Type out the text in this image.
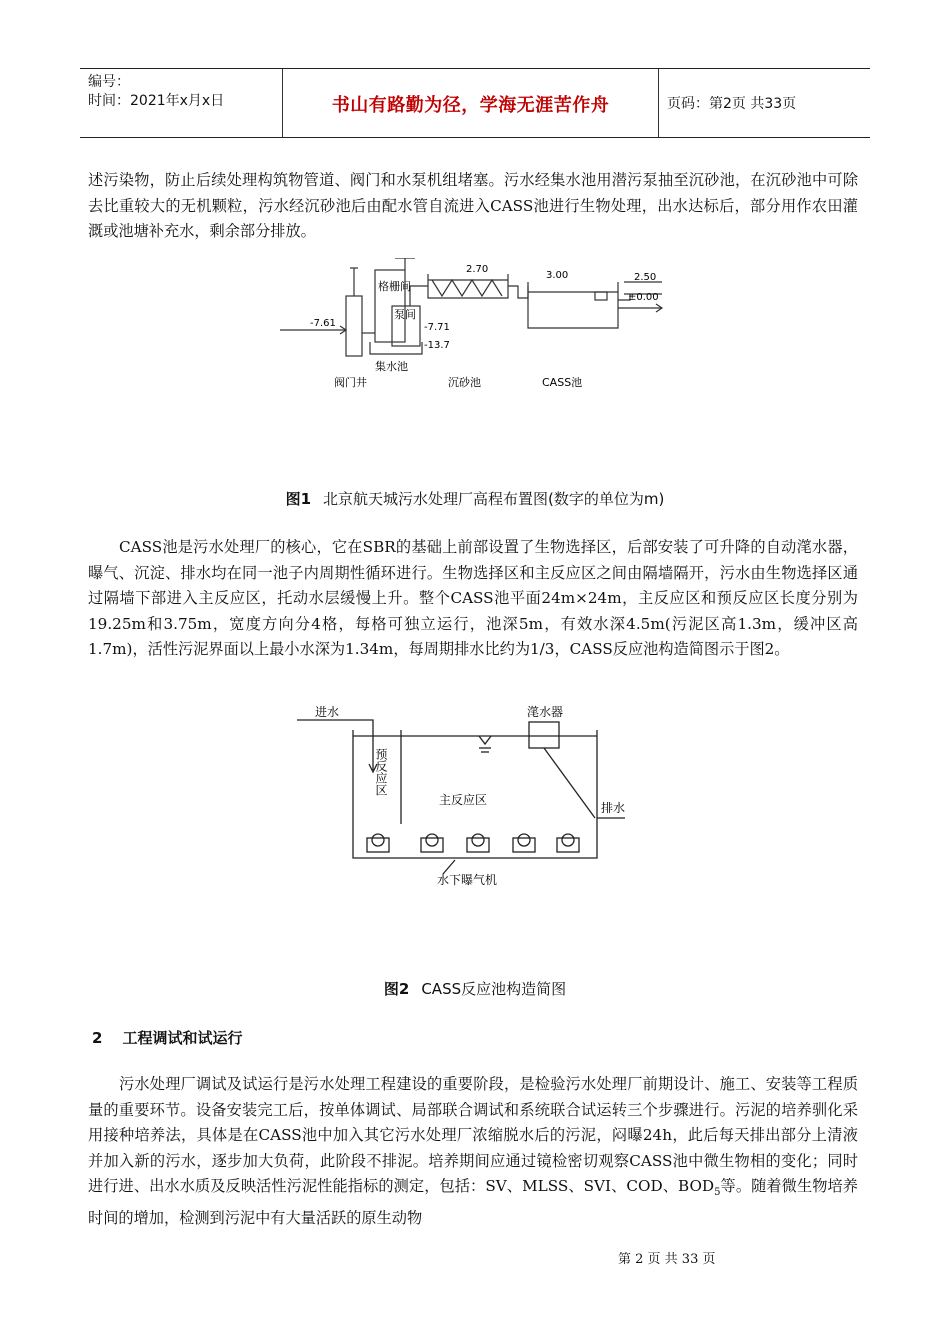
编号：
时间：2021年x月x日	书山有路勤为径，学海无涯苦作舟	页码：第2页 共33页

述污染物，防止后续处理构筑物管道、阀门和水泵机组堵塞。污水经集水池用潜污泵抽至沉砂池，在沉砂池中可除去比重较大的无机颗粒，污水经沉砂池后由配水管自流进入CASS池进行生物处理，出水达标后，部分用作农田灌溉或池塘补充水，剩余部分排放。

格栅间
泵间
集水池
阀门井	沉砂池	CASS池
2.70
3.00	2.50
±0.00
-7.61	-7.71
-13.7
图1 北京航天城污水处理厂高程布置图(数字的单位为m)

CASS池是污水处理厂的核心，它在SBR的基础上前部设置了生物选择区，后部安装了可升降的自动滗水器，曝气、沉淀、排水均在同一池子内周期性循环进行。生物选择区和主反应区之间由隔墙隔开，污水由生物选择区通过隔墙下部进入主反应区，托动水层缓慢上升。整个CASS池平面24m×24m，主反应区和预反应区长度分别为19.25m和3.75m，宽度方向分4格，每格可独立运行，池深5m，有效水深4.5m(污泥区高1.3m，缓冲区高1.7m)，活性污泥界面以上最小水深为1.34m，每周期排水比约为1/3，CASS反应池构造简图示于图2。

进水
预反应区
滗水器
主反应区
排水
水下曝气机
图2 CASS反应池构造简图
2 工程调试和试运行

污水处理厂调试及试运行是污水处理工程建设的重要阶段，是检验污水处理厂前期设计、施工、安装等工程质量的重要环节。设备安装完工后，按单体调试、局部联合调试和系统联合试运转三个步骤进行。污泥的培养驯化采用接种培养法，具体是在CASS池中加入其它污水处理厂浓缩脱水后的污泥，闷曝24h，此后每天排出部分上清液并加入新的污水，逐步加大负荷，此阶段不排泥。培养期间应通过镜检密切观察CASS池中微生物相的变化；同时进行进、出水水质及反映活性污泥性能指标的测定，包括：SV、MLSS、SVI、COD、$BOD_5$等。随着微生物培养时间的增加，检测到污泥中有大量活跃的原生动物

第 2 页 共 33 页
